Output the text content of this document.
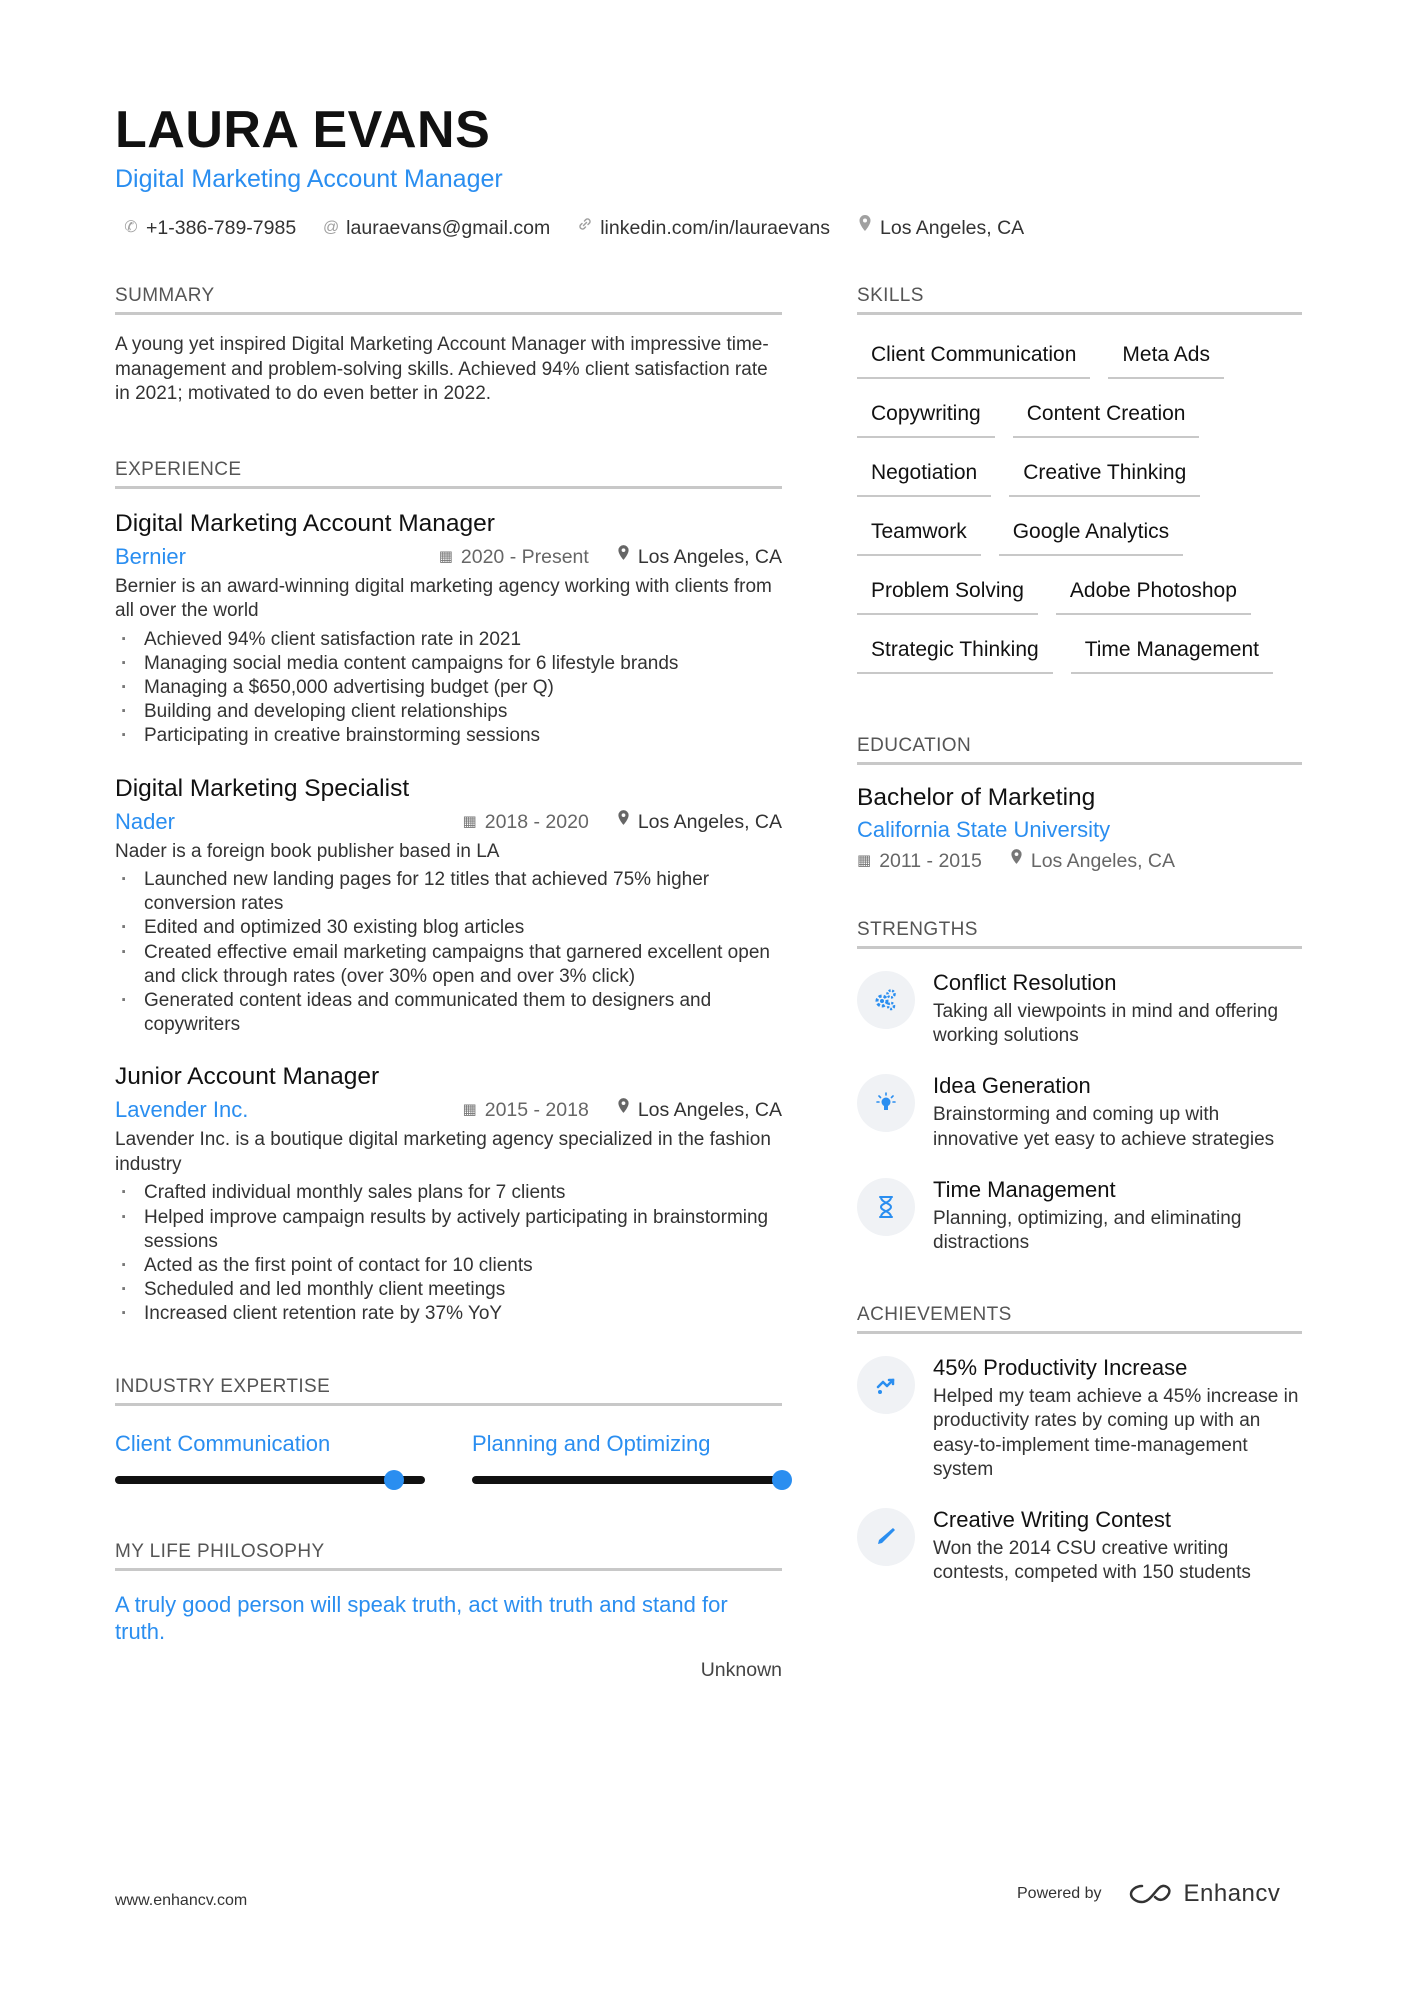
LAURA EVANS
Digital Marketing Account Manager
✆ +1-386-789-7985 @ lauraevans@gmail.com	linkedin.com/in/lauraevans	Los Angeles, CA
SUMMARY
A young yet inspired Digital Marketing Account Manager with impressive time-management and problem-solving skills. Achieved 94% client satisfaction rate in 2021; motivated to do even better in 2022.
EXPERIENCE
Digital Marketing Account Manager
Bernier	▦ 2020 - Present	Los Angeles, CA
Bernier is an award-winning digital marketing agency working with clients from all over the world
· Achieved 94% client satisfaction rate in 2021
· Managing social media content campaigns for 6 lifestyle brands
· Managing a $650,000 advertising budget (per Q)
· Building and developing client relationships
· Participating in creative brainstorming sessions
Digital Marketing Specialist
Nader	▦ 2018 - 2020	Los Angeles, CA
Nader is a foreign book publisher based in LA
· Launched new landing pages for 12 titles that achieved 75% higher conversion rates
· Edited and optimized 30 existing blog articles
· Created effective email marketing campaigns that garnered excellent open and click through rates (over 30% open and over 3% click)
· Generated content ideas and communicated them to designers and copywriters
Junior Account Manager
Lavender Inc.	▦ 2015 - 2018	Los Angeles, CA
Lavender Inc. is a boutique digital marketing agency specialized in the fashion industry
· Crafted individual monthly sales plans for 7 clients
· Helped improve campaign results by actively participating in brainstorming sessions
· Acted as the first point of contact for 10 clients
· Scheduled and led monthly client meetings
· Increased client retention rate by 37% YoY
INDUSTRY EXPERTISE
Client Communication	Planning and Optimizing
MY LIFE PHILOSOPHY
A truly good person will speak truth, act with truth and stand for truth.
Unknown
SKILLS
Client Communication	Meta Ads
Copywriting	Content Creation
Negotiation	Creative Thinking
Teamwork	Google Analytics
Problem Solving	Adobe Photoshop
Strategic Thinking	Time Management
EDUCATION
Bachelor of Marketing
California State University
▦ 2011 - 2015	Los Angeles, CA
STRENGTHS
Conflict Resolution
Taking all viewpoints in mind and offering working solutions
Idea Generation
Brainstorming and coming up with innovative yet easy to achieve strategies
Time Management
Planning, optimizing, and eliminating distractions
ACHIEVEMENTS
45% Productivity Increase
Helped my team achieve a 45% increase in productivity rates by coming up with an easy-to-implement time-management system
Creative Writing Contest
Won the 2014 CSU creative writing contests, competed with 150 students
www.enhancv.com	Powered by	Enhancv
